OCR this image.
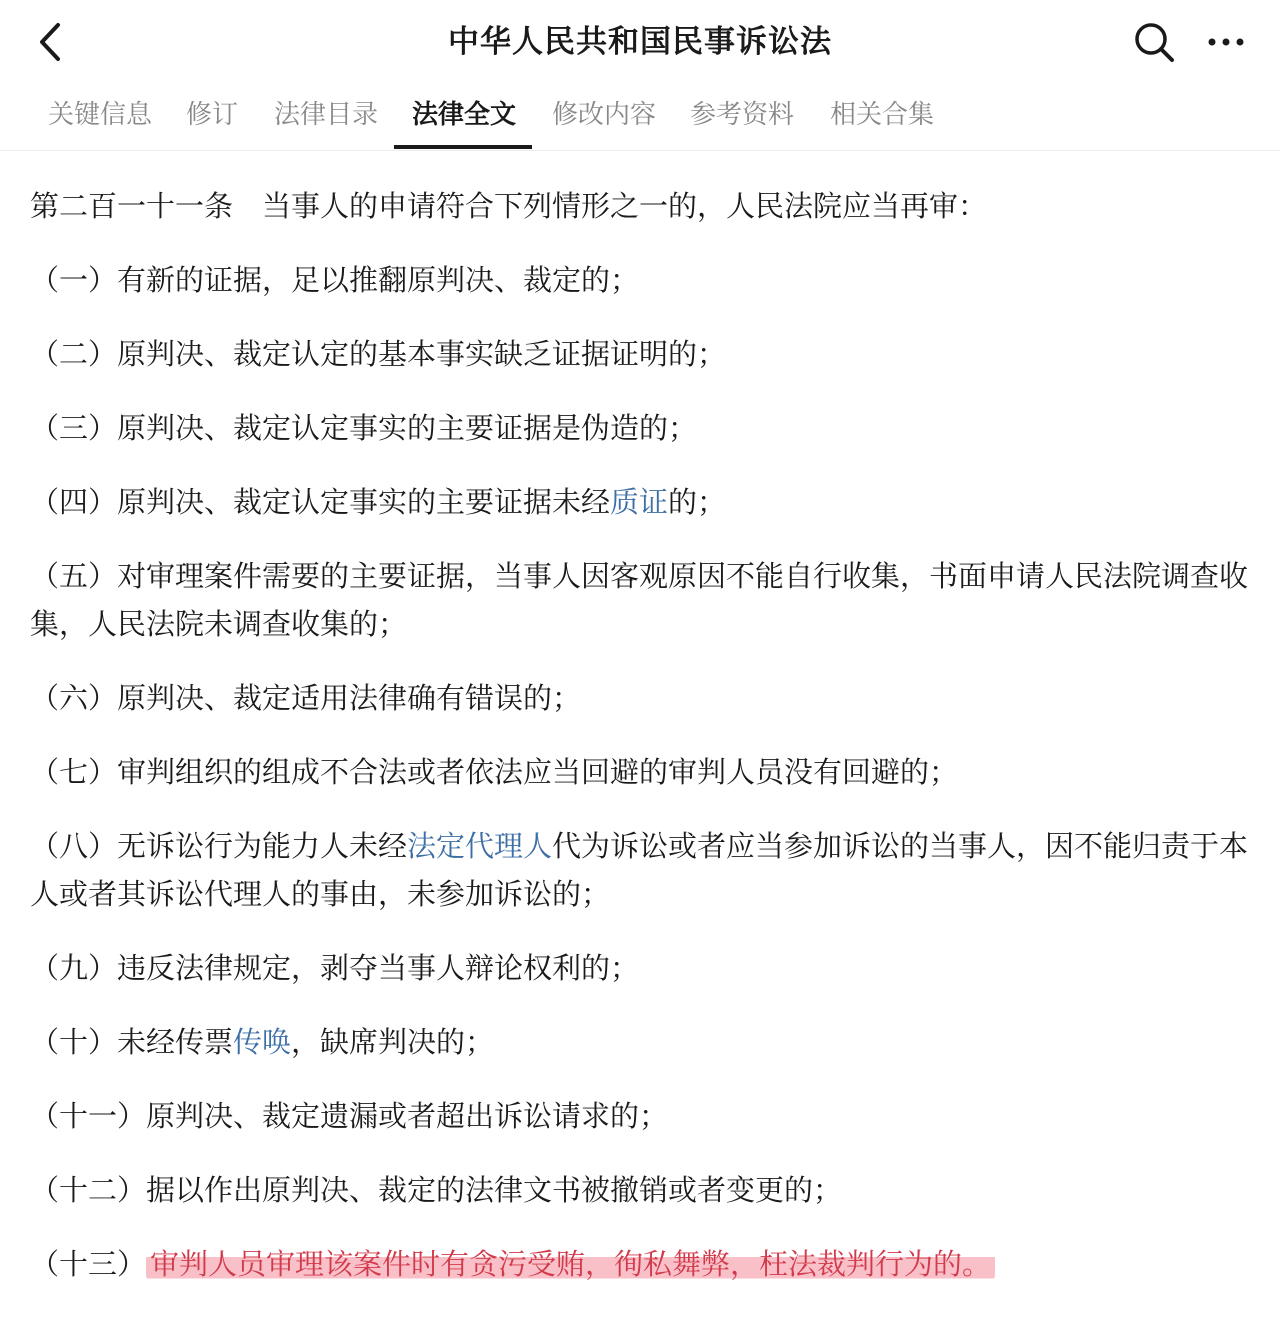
中华人民共和国民事诉讼法
关键信息 修订 法律目录 法律全文 修改内容 参考资料 相关合集

第二百一十一条　当事人的申请符合下列情形之一的，人民法院应当再审：

（一）有新的证据，足以推翻原判决、裁定的；

（二）原判决、裁定认定的基本事实缺乏证据证明的；

（三）原判决、裁定认定事实的主要证据是伪造的；

（四）原判决、裁定认定事实的主要证据未经质证的；

（五）对审理案件需要的主要证据，当事人因客观原因不能自行收集，书面申请人民法院调查收集，人民法院未调查收集的；

（六）原判决、裁定适用法律确有错误的；

（七）审判组织的组成不合法或者依法应当回避的审判人员没有回避的；

（八）无诉讼行为能力人未经法定代理人代为诉讼或者应当参加诉讼的当事人，因不能归责于本人或者其诉讼代理人的事由，未参加诉讼的；

（九）违反法律规定，剥夺当事人辩论权利的；

（十）未经传票传唤，缺席判决的；

（十一）原判决、裁定遗漏或者超出诉讼请求的；

（十二）据以作出原判决、裁定的法律文书被撤销或者变更的；

（十三） 审判人员审理该案件时有贪污受贿，徇私舞弊，枉法裁判行为的。
